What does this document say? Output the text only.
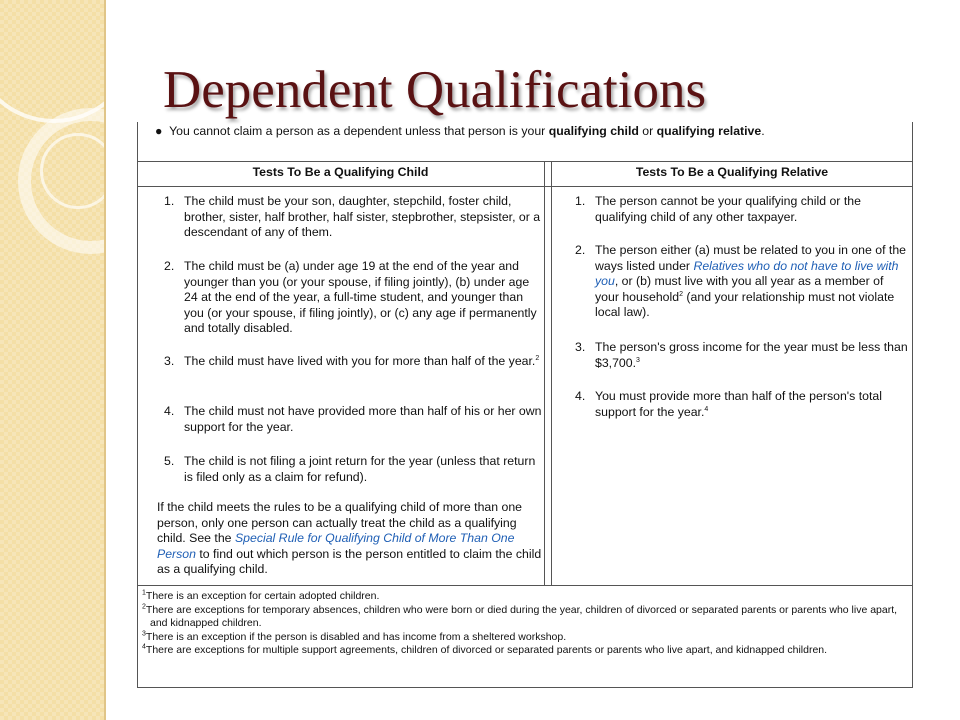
Dependent Qualifications
● You cannot claim a person as a dependent unless that person is your qualifying child or qualifying relative.
Tests To Be a Qualifying Child	Tests To Be a Qualifying Relative
1. The child must be your son, daughter, stepchild, foster child, brother, sister, half brother, half sister, stepbrother, stepsister, or a descendant of any of them.
2. The child must be (a) under age 19 at the end of the year and younger than you (or your spouse, if filing jointly), (b) under age 24 at the end of the year, a full-time student, and younger than you (or your spouse, if filing jointly), or (c) any age if permanently and totally disabled.
3. The child must have lived with you for more than half of the year.$^2$
4. The child must not have provided more than half of his or her own support for the year.
5. The child is not filing a joint return for the year (unless that return is filed only as a claim for refund).
If the child meets the rules to be a qualifying child of more than one person, only one person can actually treat the child as a qualifying child. See the Special Rule for Qualifying Child of More Than One Person to find out which person is the person entitled to claim the child as a qualifying child.
1. The person cannot be your qualifying child or the qualifying child of any other taxpayer.
2. The person either (a) must be related to you in one of the ways listed under Relatives who do not have to live with you, or (b) must live with you all year as a member of your household$^2$ (and your relationship must not violate local law).
3. The person's gross income for the year must be less than $3,700.$^3$
4. You must provide more than half of the person's total support for the year.$^4$

$^1$There is an exception for certain adopted children.

$^2$There are exceptions for temporary absences, children who were born or died during the year, children of divorced or separated parents or parents who live apart, and kidnapped children.

$^3$There is an exception if the person is disabled and has income from a sheltered workshop.

$^4$There are exceptions for multiple support agreements, children of divorced or separated parents or parents who live apart, and kidnapped children.
